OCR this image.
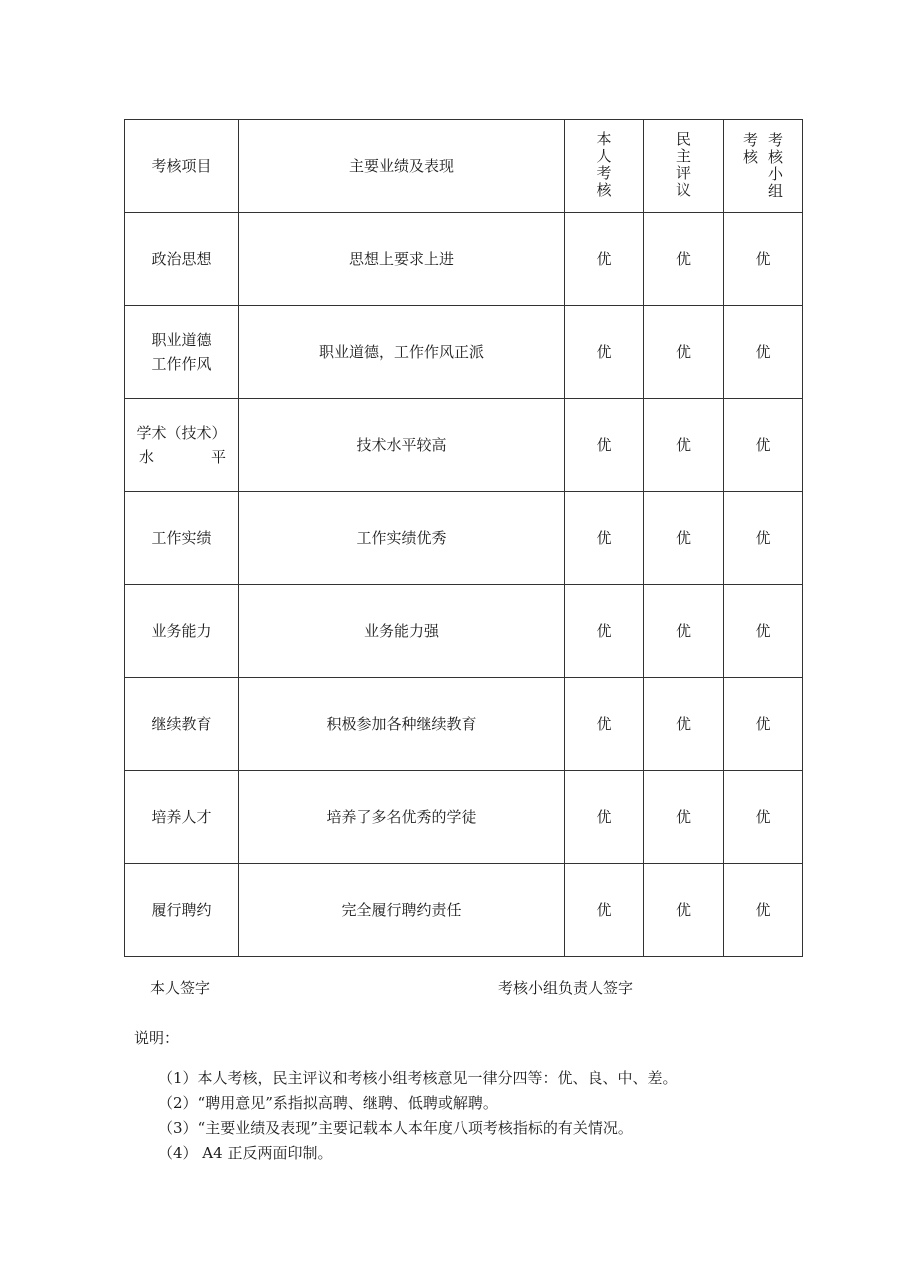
考核项目	主要业绩及表现	本人考核	民主评议	考核
考核小组

政治思想	思想上要求上进	优	优	优

职业道德
工作作风	职业道德，工作作风正派	优	优	优

学术（技术）
水 平	技术水平较高	优	优	优
工作实绩	工作实绩优秀	优	优	优
业务能力	业务能力强	优	优	优
继续教育	积极参加各种继续教育	优	优	优
培养人才	培养了多名优秀的学徒	优	优	优
履行聘约	完全履行聘约责任	优	优	优
本人签字	考核小组负责人签字
说明：
（1）本人考核，民主评议和考核小组考核意见一律分四等：优、良、中、差。
（2）“聘用意见”系指拟高聘、继聘、低聘或解聘。
（3）“主要业绩及表现”主要记载本人本年度八项考核指标的有关情况。
（4） A4 正反两面印制。
